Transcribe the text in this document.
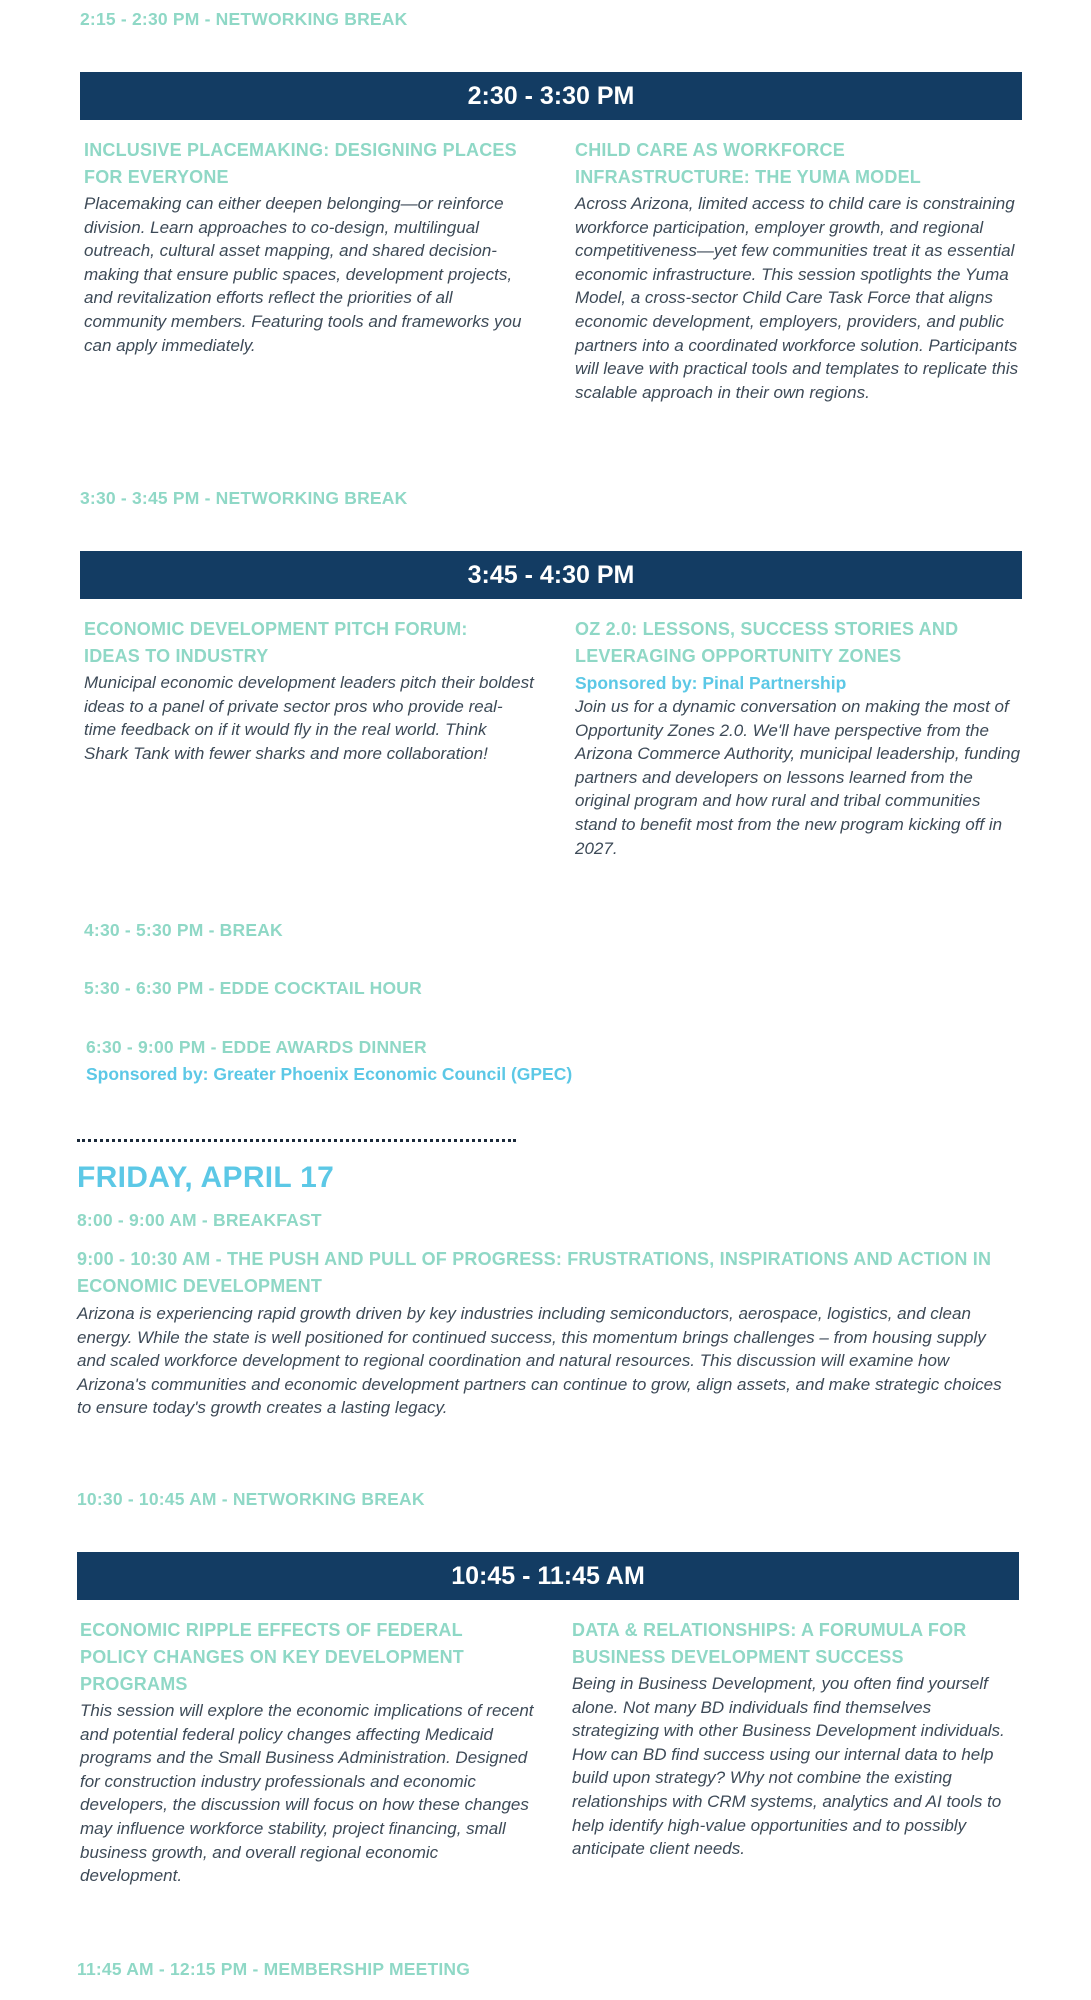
2:15 - 2:30 PM - NETWORKING BREAK
2:30 - 3:30 PM
INCLUSIVE PLACEMAKING: DESIGNING PLACES FOR EVERYONE
Placemaking can either deepen belonging—or reinforce division. Learn approaches to co-design, multilingual outreach, cultural asset mapping, and shared decision-making that ensure public spaces, development projects, and revitalization efforts reflect the priorities of all community members. Featuring tools and frameworks you can apply immediately.
CHILD CARE AS WORKFORCE INFRASTRUCTURE: THE YUMA MODEL
Across Arizona, limited access to child care is constraining workforce participation, employer growth, and regional competitiveness—yet few communities treat it as essential economic infrastructure. This session spotlights the Yuma Model, a cross-sector Child Care Task Force that aligns economic development, employers, providers, and public partners into a coordinated workforce solution. Participants will leave with practical tools and templates to replicate this scalable approach in their own regions.
3:30 - 3:45 PM - NETWORKING BREAK
3:45 - 4:30 PM
ECONOMIC DEVELOPMENT PITCH FORUM: IDEAS TO INDUSTRY
Municipal economic development leaders pitch their boldest ideas to a panel of private sector pros who provide real-time feedback on if it would fly in the real world. Think Shark Tank with fewer sharks and more collaboration!
OZ 2.0: LESSONS, SUCCESS STORIES AND LEVERAGING OPPORTUNITY ZONES
Sponsored by: Pinal Partnership
Join us for a dynamic conversation on making the most of Opportunity Zones 2.0. We'll have perspective from the Arizona Commerce Authority, municipal leadership, funding partners and developers on lessons learned from the original program and how rural and tribal communities stand to benefit most from the new program kicking off in 2027.
4:30 - 5:30 PM - BREAK
5:30 - 6:30 PM - EDDE COCKTAIL HOUR
6:30 - 9:00 PM - EDDE AWARDS DINNER
Sponsored by: Greater Phoenix Economic Council (GPEC)
FRIDAY, APRIL 17
8:00 - 9:00 AM - BREAKFAST
9:00 - 10:30 AM - THE PUSH AND PULL OF PROGRESS: FRUSTRATIONS, INSPIRATIONS AND ACTION IN ECONOMIC DEVELOPMENT
Arizona is experiencing rapid growth driven by key industries including semiconductors, aerospace, logistics, and clean energy. While the state is well positioned for continued success, this momentum brings challenges – from housing supply and scaled workforce development to regional coordination and natural resources. This discussion will examine how Arizona's communities and economic development partners can continue to grow, align assets, and make strategic choices to ensure today's growth creates a lasting legacy.
10:30 - 10:45 AM - NETWORKING BREAK
10:45 - 11:45 AM
ECONOMIC RIPPLE EFFECTS OF FEDERAL POLICY CHANGES ON KEY DEVELOPMENT PROGRAMS
This session will explore the economic implications of recent and potential federal policy changes affecting Medicaid programs and the Small Business Administration. Designed for construction industry professionals and economic developers, the discussion will focus on how these changes may influence workforce stability, project financing, small business growth, and overall regional economic development.
DATA & RELATIONSHIPS: A FORUMULA FOR BUSINESS DEVELOPMENT SUCCESS
Being in Business Development, you often find yourself alone. Not many BD individuals find themselves strategizing with other Business Development individuals. How can BD find success using our internal data to help build upon strategy? Why not combine the existing relationships with CRM systems, analytics and AI tools to help identify high-value opportunities and to possibly anticipate client needs.
11:45 AM - 12:15 PM - MEMBERSHIP MEETING
